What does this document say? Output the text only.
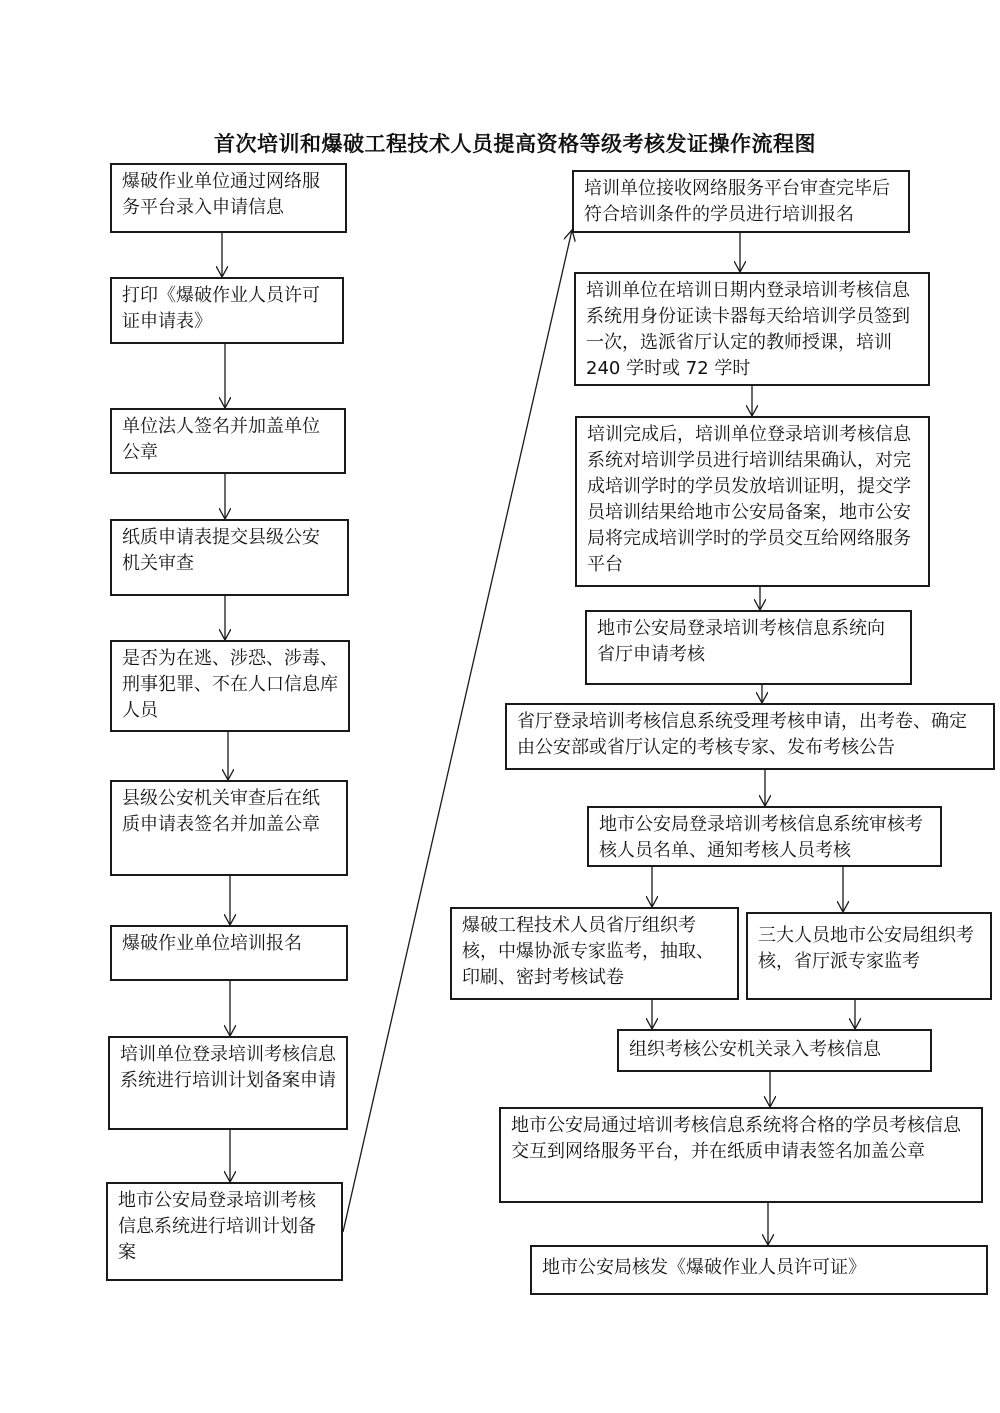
首次培训和爆破工程技术人员提高资格等级考核发证操作流程图
爆破作业单位通过网络服务平台录入申请信息
打印《爆破作业人员许可证申请表》
单位法人签名并加盖单位公章
纸质申请表提交县级公安机关审查
是否为在逃、涉恐、涉毒、刑事犯罪、不在人口信息库人员
县级公安机关审查后在纸质申请表签名并加盖公章
爆破作业单位培训报名
培训单位登录培训考核信息系统进行培训计划备案申请
地市公安局登录培训考核信息系统进行培训计划备案
培训单位接收网络服务平台审查完毕后符合培训条件的学员进行培训报名
培训单位在培训日期内登录培训考核信息系统用身份证读卡器每天给培训学员签到一次，选派省厅认定的教师授课，培训 240 学时或 72 学时
培训完成后，培训单位登录培训考核信息系统对培训学员进行培训结果确认，对完成培训学时的学员发放培训证明，提交学员培训结果给地市公安局备案，地市公安局将完成培训学时的学员交互给网络服务平台
地市公安局登录培训考核信息系统向省厅申请考核
省厅登录培训考核信息系统受理考核申请，出考卷、确定由公安部或省厅认定的考核专家、发布考核公告
地市公安局登录培训考核信息系统审核考核人员名单、通知考核人员考核
爆破工程技术人员省厅组织考核，中爆协派专家监考，抽取、印刷、密封考核试卷
三大人员地市公安局组织考核，省厅派专家监考
组织考核公安机关录入考核信息
地市公安局通过培训考核信息系统将合格的学员考核信息交互到网络服务平台，并在纸质申请表签名加盖公章
地市公安局核发《爆破作业人员许可证》
